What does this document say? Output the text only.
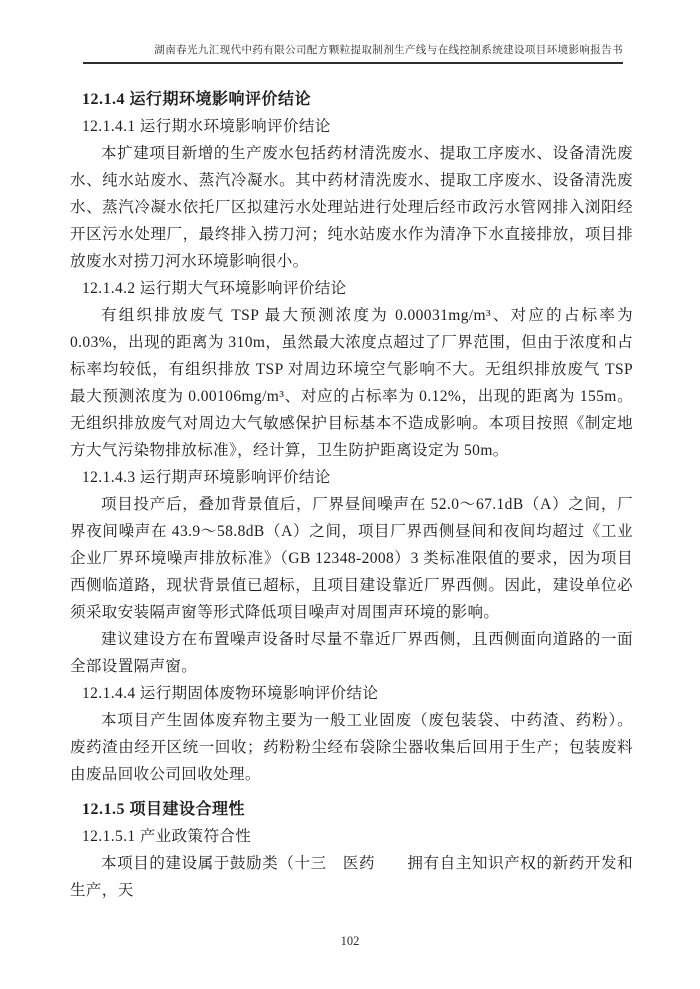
湖南春光九汇现代中药有限公司配方颗粒提取制剂生产线与在线控制系统建设项目环境影响报告书
12.1.4 运行期环境影响评价结论
12.1.4.1 运行期水环境影响评价结论
本扩建项目新增的生产废水包括药材清洗废水、提取工序废水、设备清洗废水、纯水站废水、蒸汽冷凝水。其中药材清洗废水、提取工序废水、设备清洗废水、蒸汽冷凝水依托厂区拟建污水处理站进行处理后经市政污水管网排入浏阳经开区污水处理厂，最终排入捞刀河；纯水站废水作为清净下水直接排放，项目排放废水对捞刀河水环境影响很小。
12.1.4.2 运行期大气环境影响评价结论
有组织排放废气 TSP 最大预测浓度为 0.00031mg/m³、对应的占标率为 0.03%，出现的距离为 310m，虽然最大浓度点超过了厂界范围，但由于浓度和占标率均较低，有组织排放 TSP 对周边环境空气影响不大。无组织排放废气 TSP 最大预测浓度为 0.00106mg/m³、对应的占标率为 0.12%，出现的距离为 155m。无组织排放废气对周边大气敏感保护目标基本不造成影响。本项目按照《制定地方大气污染物排放标准》，经计算，卫生防护距离设定为 50m。
12.1.4.3 运行期声环境影响评价结论
项目投产后，叠加背景值后，厂界昼间噪声在 52.0～67.1dB（A）之间，厂界夜间噪声在 43.9～58.8dB（A）之间，项目厂界西侧昼间和夜间均超过《工业企业厂界环境噪声排放标准》（GB 12348-2008）3 类标准限值的要求，因为项目西侧临道路，现状背景值已超标，且项目建设靠近厂界西侧。因此，建设单位必须采取安装隔声窗等形式降低项目噪声对周围声环境的影响。
建议建设方在布置噪声设备时尽量不靠近厂界西侧，且西侧面向道路的一面全部设置隔声窗。
12.1.4.4 运行期固体废物环境影响评价结论
本项目产生固体废弃物主要为一般工业固废（废包装袋、中药渣、药粉）。废药渣由经开区统一回收；药粉粉尘经布袋除尘器收集后回用于生产；包装废料由废品回收公司回收处理。
12.1.5 项目建设合理性
12.1.5.1 产业政策符合性
本项目的建设属于鼓励类（十三　医药　　拥有自主知识产权的新药开发和生产，天
102
